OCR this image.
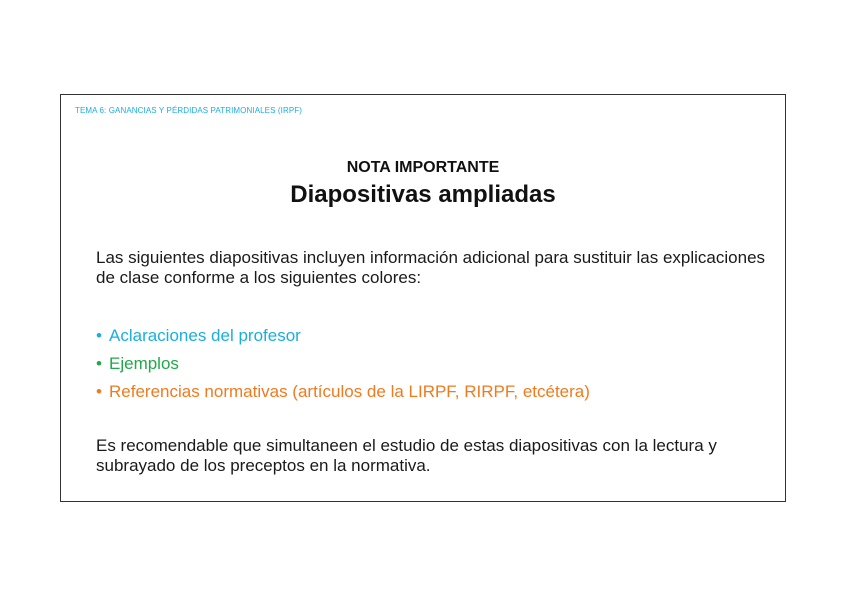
TEMA 6: GANANCIAS Y PÉRDIDAS PATRIMONIALES (IRPF)
NOTA IMPORTANTE
Diapositivas ampliadas
Las siguientes diapositivas incluyen información adicional para sustituir las explicaciones de clase conforme a los siguientes colores:
• Aclaraciones del profesor
• Ejemplos
• Referencias normativas (artículos de la LIRPF, RIRPF, etcétera)
Es recomendable que simultaneen el estudio de estas diapositivas con la lectura y subrayado de los preceptos en la normativa.
